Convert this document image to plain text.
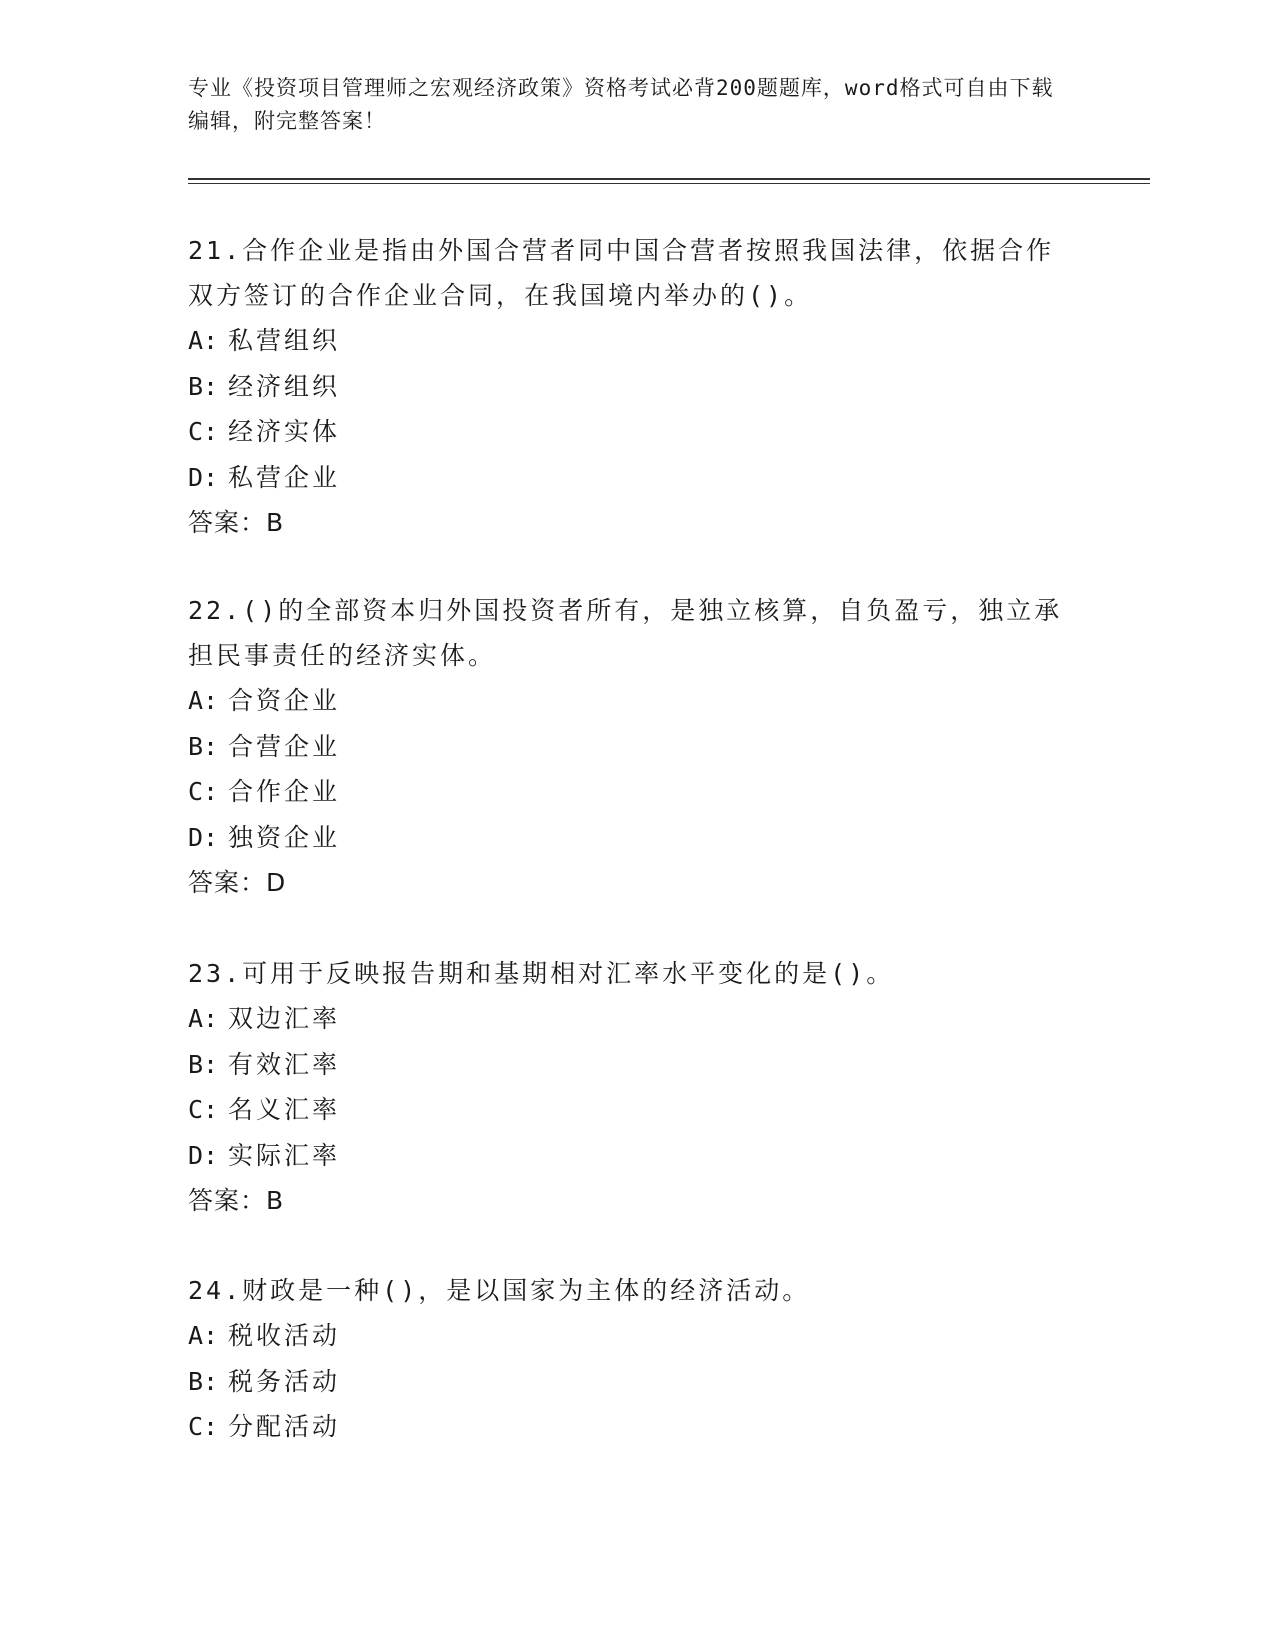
专业《投资项目管理师之宏观经济政策》资格考试必背200题题库，word格式可自由下载编辑，附完整答案！
21.合作企业是指由外国合营者同中国合营者按照我国法律，依据合作双方签订的合作企业合同，在我国境内举办的()。
A: 私营组织
B: 经济组织
C: 经济实体
D: 私营企业
答案：B
22.()的全部资本归外国投资者所有，是独立核算，自负盈亏，独立承担民事责任的经济实体。
A: 合资企业
B: 合营企业
C: 合作企业
D: 独资企业
答案：D
23.可用于反映报告期和基期相对汇率水平变化的是()。
A: 双边汇率
B: 有效汇率
C: 名义汇率
D: 实际汇率
答案：B
24.财政是一种()，是以国家为主体的经济活动。
A: 税收活动
B: 税务活动
C: 分配活动
